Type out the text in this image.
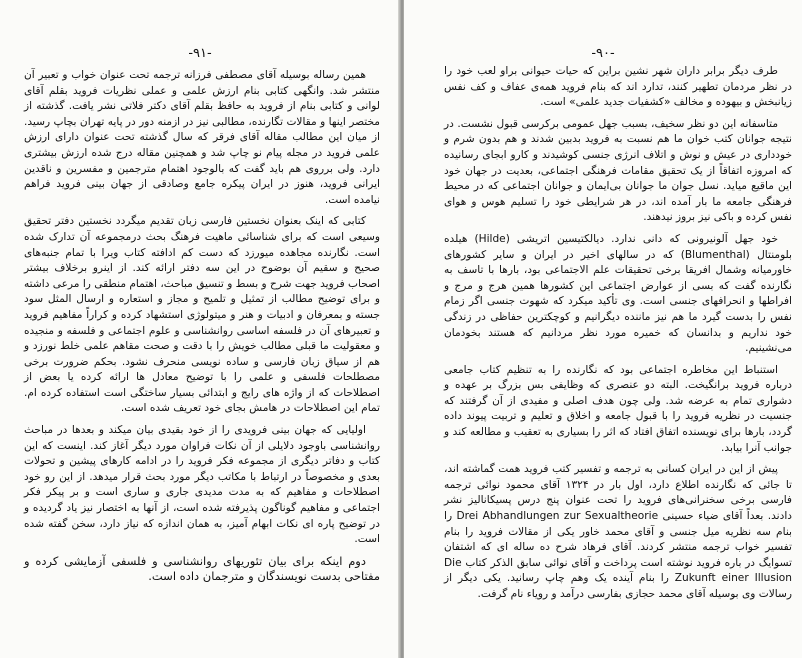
-۹۱-

همین رساله بوسیله آقای مصطفی فرزانه ترجمه تحت عنوان خواب و تعبیر آن منتشر شد. وانگهی کتابی بنام ارزش علمی و عملی نظریات فروید بقلم آقای لوانی و کتابی بنام از فروید به حافظ بقلم آقای دکتر فلاتی نشر یافت. گذشته از مختصر اینها و مقالات تگارنده، مطالبی نیز در ازمنه دور در پایه تهران بچاپ رسید. از میان این مطالب مقاله آقای فرقر که سال گذشته تحت عنوان دارای ارزش علمی فروید در مجله پیام نو چاپ شد و همچنین مقاله درج شده ارزش بیشتری دارد. ولی برروی هم باید گفت که بالوجود اهتمام مترجمین و مفسرین و ناقدین ایرانی فروید، هنوز در ایران پیکره جامع وصادقی از جهان بینی فروید فراهم نیامده است.

کتابی که اینک بعنوان نخستین فارسی زبان تقدیم میگردد نخستین دفتر تحقیق وسیعی است که برای شناسائی ماهیت فرهنگ بحث درمجموعه آن تدارک شده است. نگارنده مجاهده میورزد که دست کم ادافته کتاب ویرا با تمام جنبه‌های صحیح و سقیم آن بوضوح در این سه دفتر ارائه کند. از اینرو برخلاف بیشتر اصحاب فروید جهت شرح و بسط و تنسیق مباحث، اهتمام منطقی را مرعی داشته و برای توضیح مطالب از تمثیل و تلمیح و مجاز و استعاره و ارسال المثل سود جسته و بمعرفان و ادبیات و هنر و میتولوژی استشهاد کرده و کراراً مفاهیم فروید و تعبیرهای آن در فلسفه اساسی روانشناسی و علوم اجتماعی و فلسفه و منجیده و معقولیت ما قبلی مطالب خویش را با دقت و صحت مقاهم علمی خلط نورزد و هم از سیاق زبان فارسی و ساده نویسی منحرف نشود. بحکم ضرورت برخی مصطلحات فلسفی و علمی را با توضیح معادل ها ارائه کرده یا بعض از اصطلاحات که از واژه های رایج و ابتدائی بسیار ساختگی است استفاده کرده ام. تمام این اصطلاحات در هامش بجای خود تعریف شده است.

اولیایی که جهان بینی فرویدی را از خود بقیدی بیان میکند و بعدها در مباحث روانشناسی باوجود دلایلی از آن نکات فراوان مورد دیگر آغاز کند. اینست که این کتاب و دفاتر دیگری از مجموعه فکر فروید را در ادامه کارهای پیشین و تحولات بعدی و مخصوصاً در ارتباط با مکاتب دیگر مورد بحث قرار میدهد. از این رو خود اصطلاحات و مفاهیم که به مدت مدیدی جاری و ساری است و بر پیکر فکر اجتماعی و مفاهیم گوناگون پذیرفته شده است، از آنها به اختصار نیز یاد گردیده و در توضیح پاره ای نکات ابهام آمیز، به همان اندازه که نیاز دارد، سخن گفته شده است.

دوم اینکه برای بیان تئوریهای روانشناسی و فلسفی آزمایشی کرده و مفتاحی بدست نویسندگان و مترجمان داده است.

-۹۰-

طرف دیگر برابر داران شهر نشین براین که حیات حیوانی براو لعب خود را در نظر مردمان تطهیر کنند، تدارد اند که بنام فروید همه‌ی عفاف و کف نفس زیانبخش و بیهوده و مخالف «کشفیات جدید علمی» است.

متاسفانه این دو نظر سخیف، بسبب جهل عمومی برکرسی قبول نشست. در نتیجه جوانان کتب خوان ما هم نسبت به فروید بدبین شدند و هم بدون شرم و خودداری در عیش و نوش و اتلاف انرژی جنسی کوشیدند و کارو ابجای رسانیده که امروزه اتفاقاً از یک تحقیق مقامات فرهنگی اجتماعی، بعدیت در جهان خود این ماقیع میاید. نسل جوان ما جوانان بی‌ایمان و جوانان اجتماعی که در محیط فرهنگی جامعه ما بار آمده اند، در هر شرایطی خود را تسلیم هوس و هوای نفس کرده و باکی نیز بروز نیدهند.

خود جهل آلونیرونی که دانی ندارد. دیالکتیسین اتریشی (Hilde) هیلده بلومنتال (Blumenthal) که در سالهای اخیر در ایران و سایر کشورهای خاورمیانه وشمال افریقا برخی تحقیقات علم الاجتماعی بود، بارها با تاسف به نگارنده گفت که بسی از عوارض اجتماعی این کشورها همین هرج و مرج و افراطها و انحرافهای جنسی است. وی تأکید میکرد که شهوت جنسی اگر زمام نفس را بدست گیرد ما هم نیز ماننده دیگرانیم و کوچکترین حفاظی در زندگی خود نداریم و بدانسان که خمیره مورد نظر مردانیم که هستند بخودمان می‌نشینیم.

استنباط این مخاطره اجتماعی بود که نگارنده را به تنظیم کتاب جامعی درباره فروید برانگیخت. البته دو عنصری که وظایفی بس بزرگ بر عهده و دشواری تمام به عرضه شد. ولی چون هدف اصلی و مفیدی از آن گرفتند که جنسیت در نظریه فروید را با قبول جامعه و اخلاق و تعلیم و تربیت پیوند داده گردد، بارها برای نویسنده اتفاق افتاد که اثر را بسیاری به تعقیب و مطالعه کند و جوانب آنرا بیابد.

پیش از این در ایران کسانی به ترجمه و تفسیر کتب فروید همت گماشته اند، تا جائی که نگارنده اطلاع دارد، اول بار در ۱۳۲۴ آقای محمود نوائی ترجمه فارسی برخی سخنرانی‌های فروید را تحت عنوان پنج درس پسیکانالیز نشر دادند. بعداً آقای ضیاء حسینی Drei Abhandlungen zur Sexualtheorie را بنام سه نظریه میل جنسی و آقای محمد خاور یکی از مقالات فروید را بنام تفسیر خواب ترجمه منتشر کردند. آقای فرهاد شرح ده ساله ای که اشتفان تسوایگ در باره فروید نوشته است پرداخت و آقای نوائی سابق الذکر کتاب Die Zukunft einer Illusion را بنام آینده یک وهم چاپ رسانید. یکی دیگر از رسالات وی بوسیله آقای محمد حجازی بفارسی درآمد و رویاء نام گرفت.
